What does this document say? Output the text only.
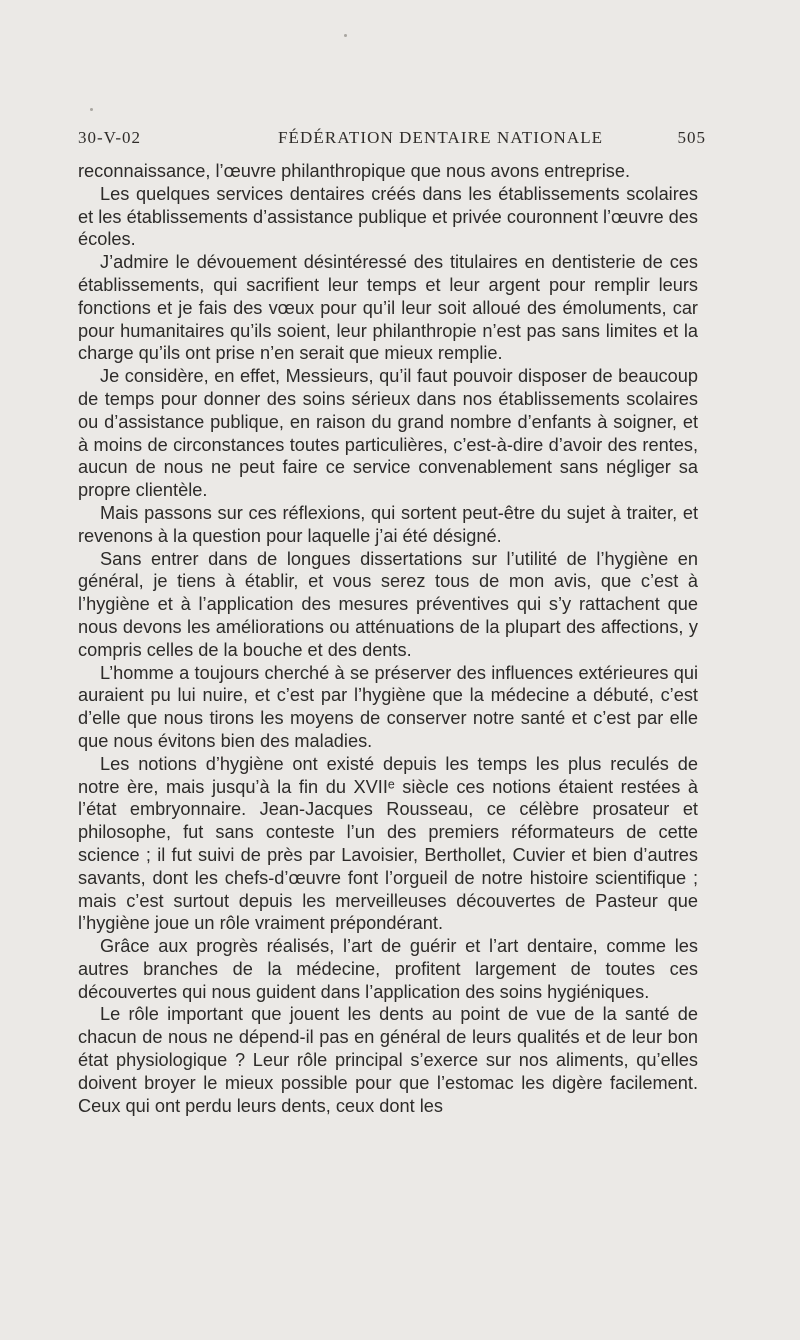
30-V-02	FÉDÉRATION DENTAIRE NATIONALE	505

reconnaissance, l’œuvre philanthropique que nous avons entreprise.

Les quelques services dentaires créés dans les établissements scolaires et les établissements d’assistance publique et privée couronnent l’œuvre des écoles.

J’admire le dévouement désintéressé des titulaires en dentisterie de ces établissements, qui sacrifient leur temps et leur argent pour remplir leurs fonctions et je fais des vœux pour qu’il leur soit alloué des émoluments, car pour humanitaires qu’ils soient, leur philanthropie n’est pas sans limites et la charge qu’ils ont prise n’en serait que mieux remplie.

Je considère, en effet, Messieurs, qu’il faut pouvoir disposer de beaucoup de temps pour donner des soins sérieux dans nos établissements scolaires ou d’assistance publique, en raison du grand nombre d’enfants à soigner, et à moins de circonstances toutes particulières, c’est-à-dire d’avoir des rentes, aucun de nous ne peut faire ce service convenablement sans négliger sa propre clientèle.

Mais passons sur ces réflexions, qui sortent peut-être du sujet à traiter, et revenons à la question pour laquelle j’ai été désigné.

Sans entrer dans de longues dissertations sur l’utilité de l’hygiène en général, je tiens à établir, et vous serez tous de mon avis, que c’est à l’hygiène et à l’application des mesures préventives qui s’y rattachent que nous devons les améliorations ou atténuations de la plupart des affections, y compris celles de la bouche et des dents.

L’homme a toujours cherché à se préserver des influences extérieures qui auraient pu lui nuire, et c’est par l’hygiène que la médecine a débuté, c’est d’elle que nous tirons les moyens de conserver notre santé et c’est par elle que nous évitons bien des maladies.

Les notions d’hygiène ont existé depuis les temps les plus reculés de notre ère, mais jusqu’à la fin du XVIIᵉ siècle ces notions étaient restées à l’état embryonnaire. Jean-Jacques Rousseau, ce célèbre prosateur et philosophe, fut sans conteste l’un des premiers réformateurs de cette science ; il fut suivi de près par Lavoisier, Berthollet, Cuvier et bien d’autres savants, dont les chefs-d’œuvre font l’orgueil de notre histoire scientifique ; mais c’est surtout depuis les merveilleuses découvertes de Pasteur que l’hygiène joue un rôle vraiment prépondérant.

Grâce aux progrès réalisés, l’art de guérir et l’art dentaire, comme les autres branches de la médecine, profitent largement de toutes ces découvertes qui nous guident dans l’application des soins hygiéniques.

Le rôle important que jouent les dents au point de vue de la santé de chacun de nous ne dépend-il pas en général de leurs qualités et de leur bon état physiologique ? Leur rôle principal s’exerce sur nos aliments, qu’elles doivent broyer le mieux possible pour que l’estomac les digère facilement. Ceux qui ont perdu leurs dents, ceux dont les
